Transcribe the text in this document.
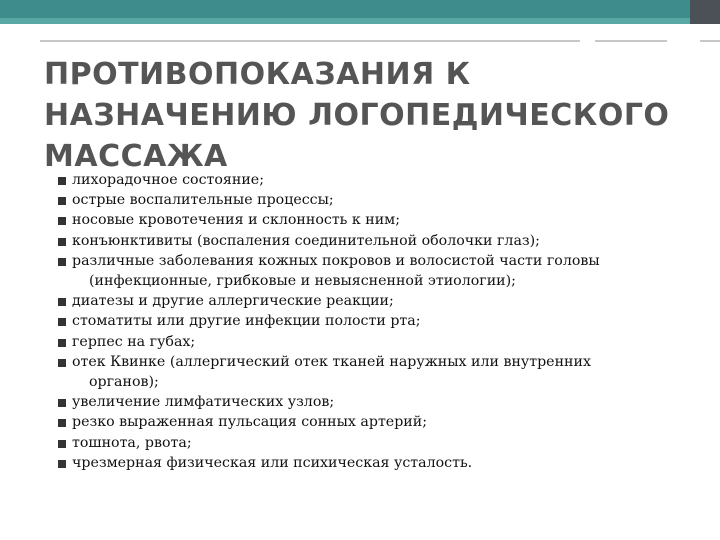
ПРОТИВОПОКАЗАНИЯ К
НАЗНАЧЕНИЮ ЛОГОПЕДИЧЕСКОГО
МАССАЖА
лихорадочное состояние;
острые воспалительные процессы;
носовые кровотечения и склонность к ним;
конъюнктивиты (воспаления соединительной оболочки глаз);
различные заболевания кожных покровов и волосистой части головы
(инфекционные, грибковые и невыясненной этиологии);
диатезы и другие аллергические реакции;
стоматиты или другие инфекции полости рта;
герпес на губах;
отек Квинке (аллергический отек тканей наружных или внутренних
органов);
увеличение лимфатических узлов;
резко выраженная пульсация сонных артерий;
тошнота, рвота;
чрезмерная физическая или психическая усталость.
